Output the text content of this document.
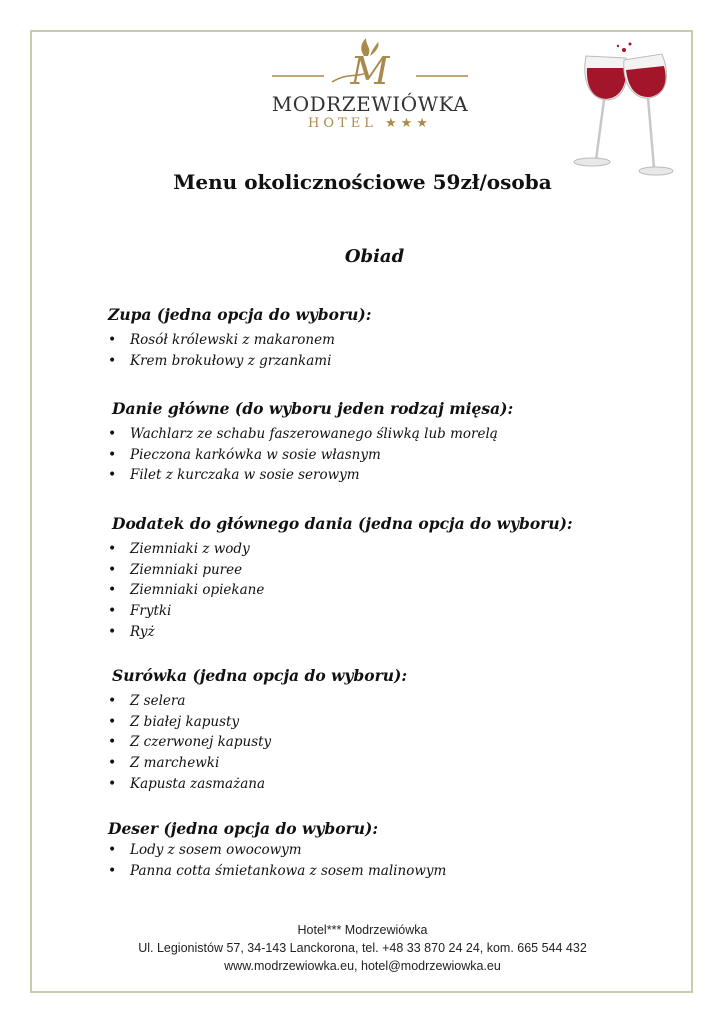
M
MODRZEWIÓWKA
HOTEL ★★★
Menu okolicznościowe 59zł/osoba
Obiad
Zupa (jedna opcja do wyboru):
• Rosół królewski z makaronem
• Krem brokułowy z grzankami
Danie główne (do wyboru jeden rodzaj mięsa):
• Wachlarz ze schabu faszerowanego śliwką lub morelą
• Pieczona karkówka w sosie własnym
• Filet z kurczaka w sosie serowym
Dodatek do głównego dania (jedna opcja do wyboru):
• Ziemniaki z wody
• Ziemniaki puree
• Ziemniaki opiekane
• Frytki
• Ryż
Surówka (jedna opcja do wyboru):
• Z selera
• Z białej kapusty
• Z czerwonej kapusty
• Z marchewki
• Kapusta zasmażana
Deser (jedna opcja do wyboru):
• Lody z sosem owocowym
• Panna cotta śmietankowa z sosem malinowym
Hotel*** Modrzewiówka
Ul. Legionistów 57, 34-143 Lanckorona, tel. +48 33 870 24 24, kom. 665 544 432
www.modrzewiowka.eu, hotel@modrzewiowka.eu
